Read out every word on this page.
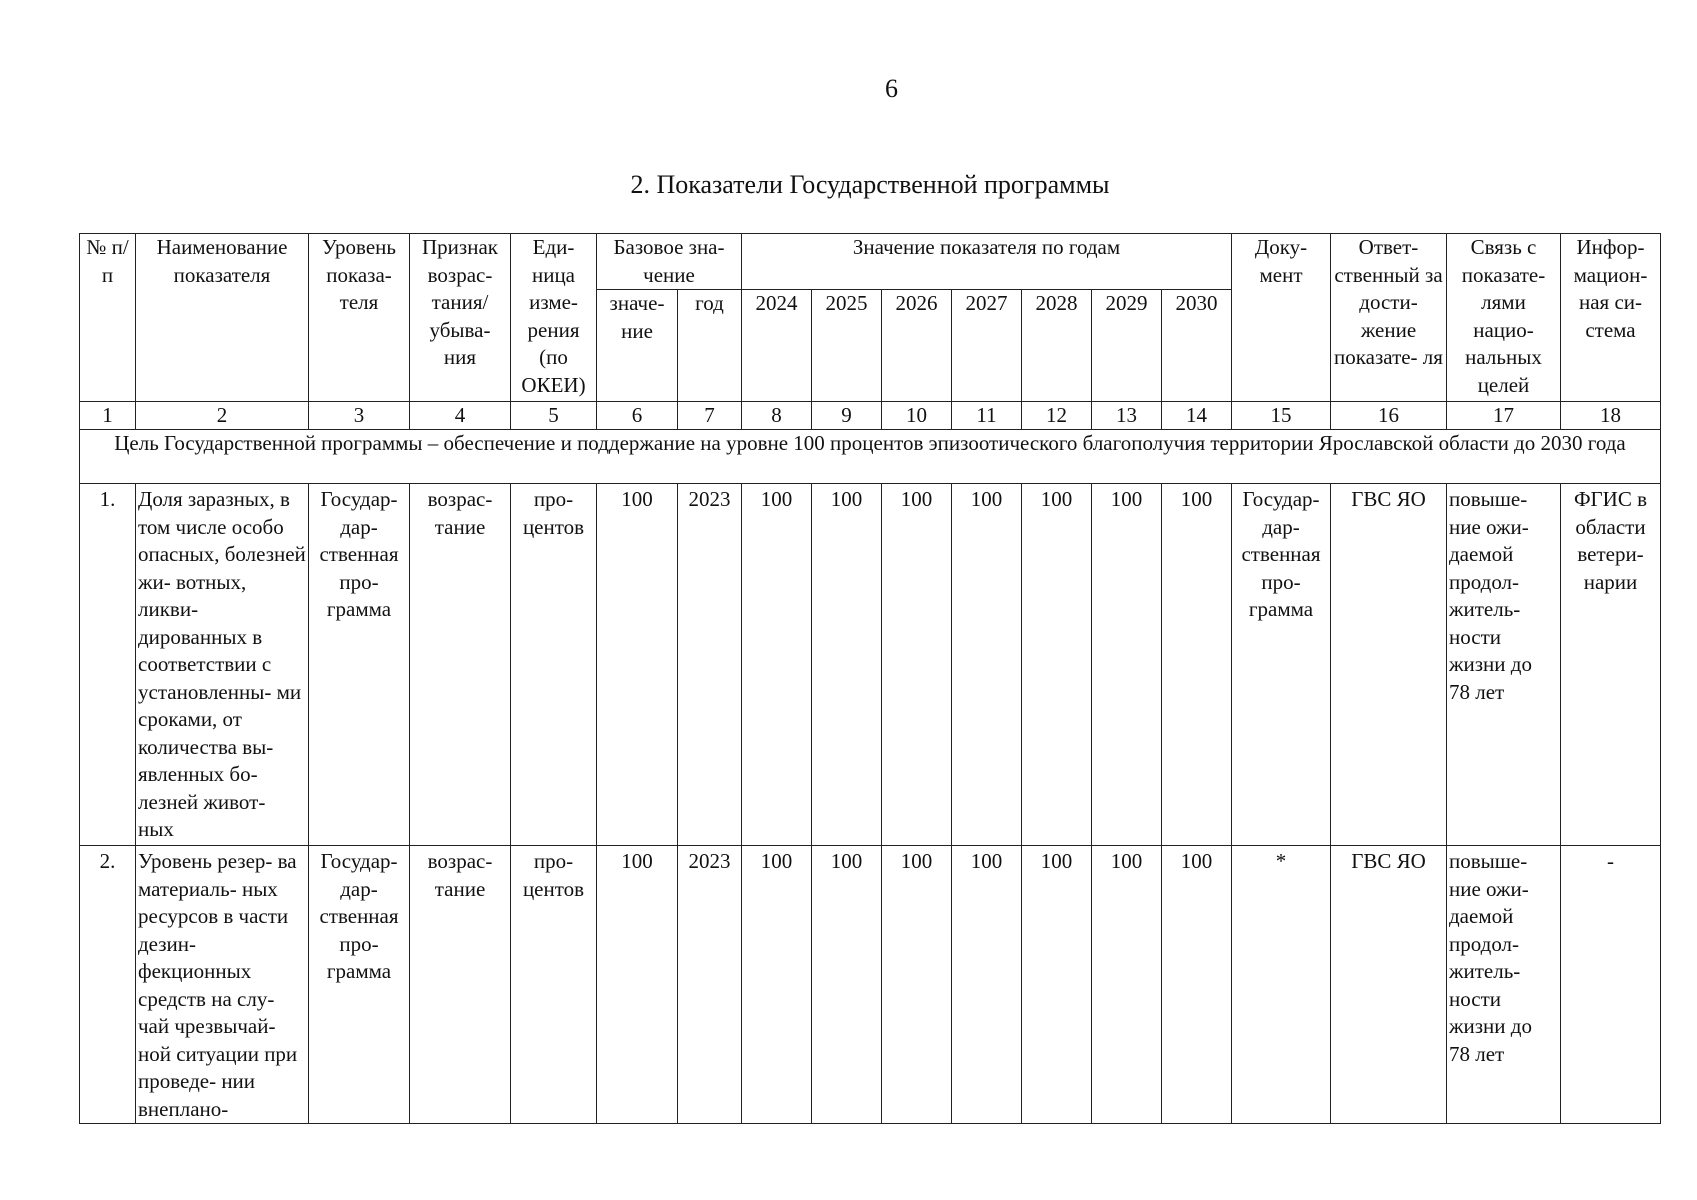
6
2. Показатели Государственной программы
№ п/п	Наименование показателя	Уровень показа- теля	Признак возрас- тания/ убыва- ния	Еди- ница изме- рения (по ОКЕИ)	Базовое зна- чение		Значение показателя по годам							Доку- мент	Ответ- ственный за дости- жение показате- ля	Связь с показате- лями нацио- нальных целей	Инфор- мацион- ная си- стема
					значе- ние	год	2024	2025	2026	2027	2028	2029	2030				
1	2	3	4	5	6	7	8	9	10	11	12	13	14	15	16	17	18
Цель Государственной программы – обеспечение и поддержание на уровне 100 процентов эпизоотического благополучия территории Ярославской области до 2030 года																	
1.	Доля заразных, в том числе особо опасных, болезней жи- вотных, ликви- дированных в соответствии с установленны- ми сроками, от количества вы- явленных бо- лезней живот- ных	Государ- дар- ственная про- грамма	возрас- тание	про- центов	100	2023	100	100	100	100	100	100	100	Государ- дар- ственная про- грамма	ГВС ЯО	повыше- ние ожи- даемой продол- житель- ности жизни до 78 лет	ФГИС в области ветери- нарии
2.	Уровень резер- ва материаль- ных ресурсов в части дезин- фекционных средств на слу- чай чрезвычай- ной ситуации при проведе- нии внеплано-	Государ- дар- ственная про- грамма	возрас- тание	про- центов	100	2023	100	100	100	100	100	100	100	*	ГВС ЯО	повыше- ние ожи- даемой продол- житель- ности жизни до 78 лет	-
